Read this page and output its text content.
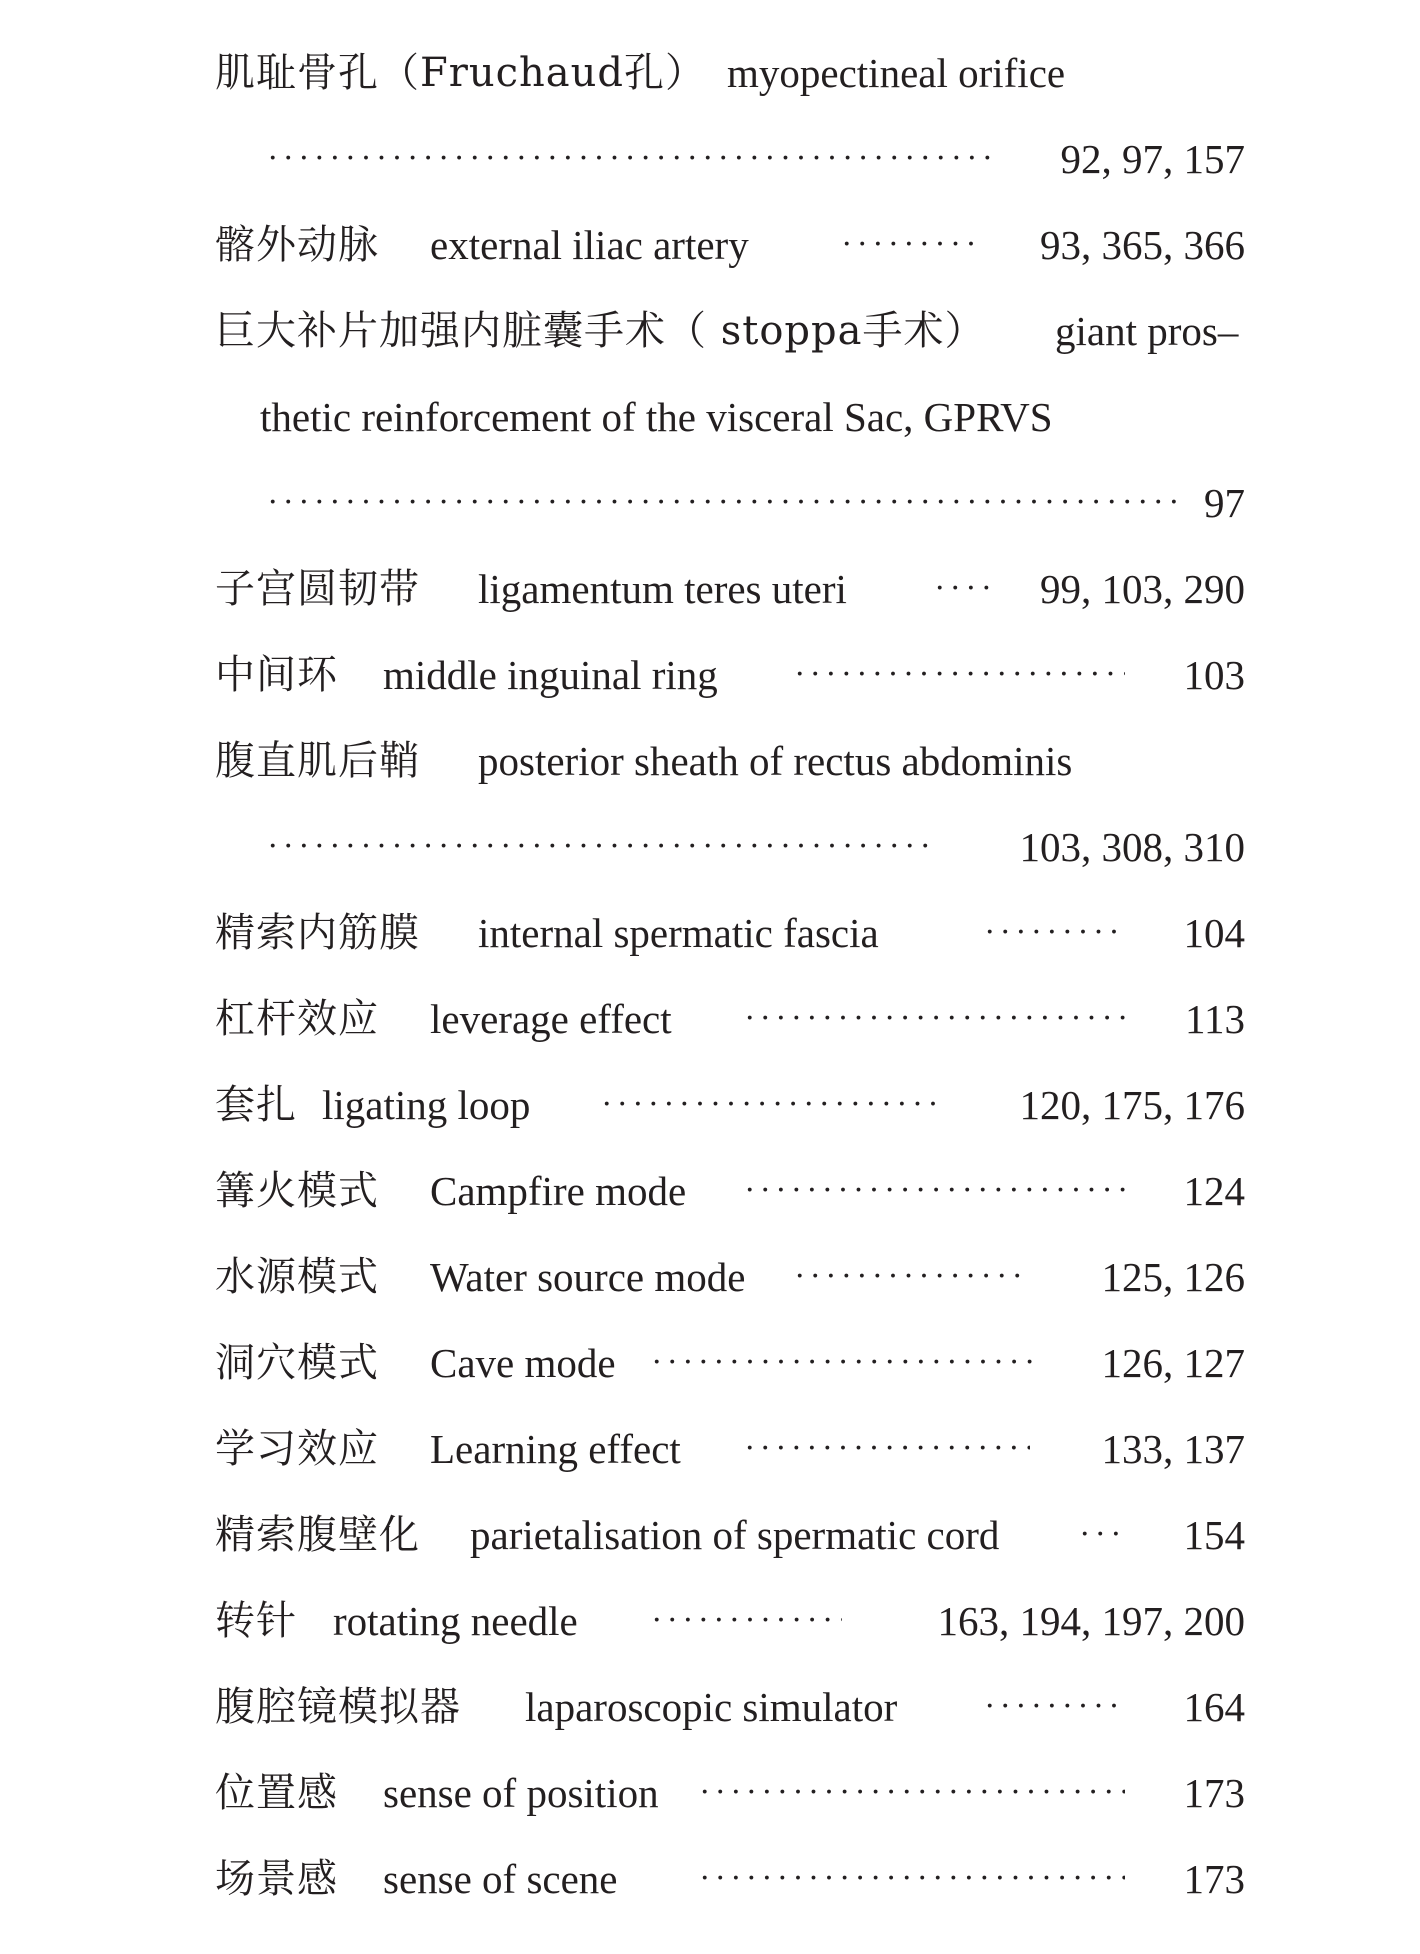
肌耻骨孔（Fruchaud孔） myopectineal orifice
·····
92, 97, 157
髂外动脉 external iliac artery ·····	93, 365, 366
巨大补片加强内脏囊手术（ stoppa手术） giant pros–
thetic reinforcement of the visceral Sac, GPRVS
·····
97
子宫圆韧带 ligamentum teres uteri ·····	99, 103, 290
中间环 middle inguinal ring ·····	103
腹直肌后鞘 posterior sheath of rectus abdominis
·····
103, 308, 310
精索内筋膜 internal spermatic fascia ·····	104
杠杆效应 leverage effect ·····	113
套扎 ligating loop ·····	120, 175, 176
篝火模式 Campfire mode ·····	124
水源模式 Water source mode ·····	125, 126
洞穴模式 Cave mode ·····	126, 127
学习效应 Learning effect ·····	133, 137
精索腹壁化 parietalisation of spermatic cord ·····	154
转针 rotating needle ·····	163, 194, 197, 200
腹腔镜模拟器 laparoscopic simulator ·····	164
位置感 sense of position ·····	173
场景感 sense of scene ·····	173
